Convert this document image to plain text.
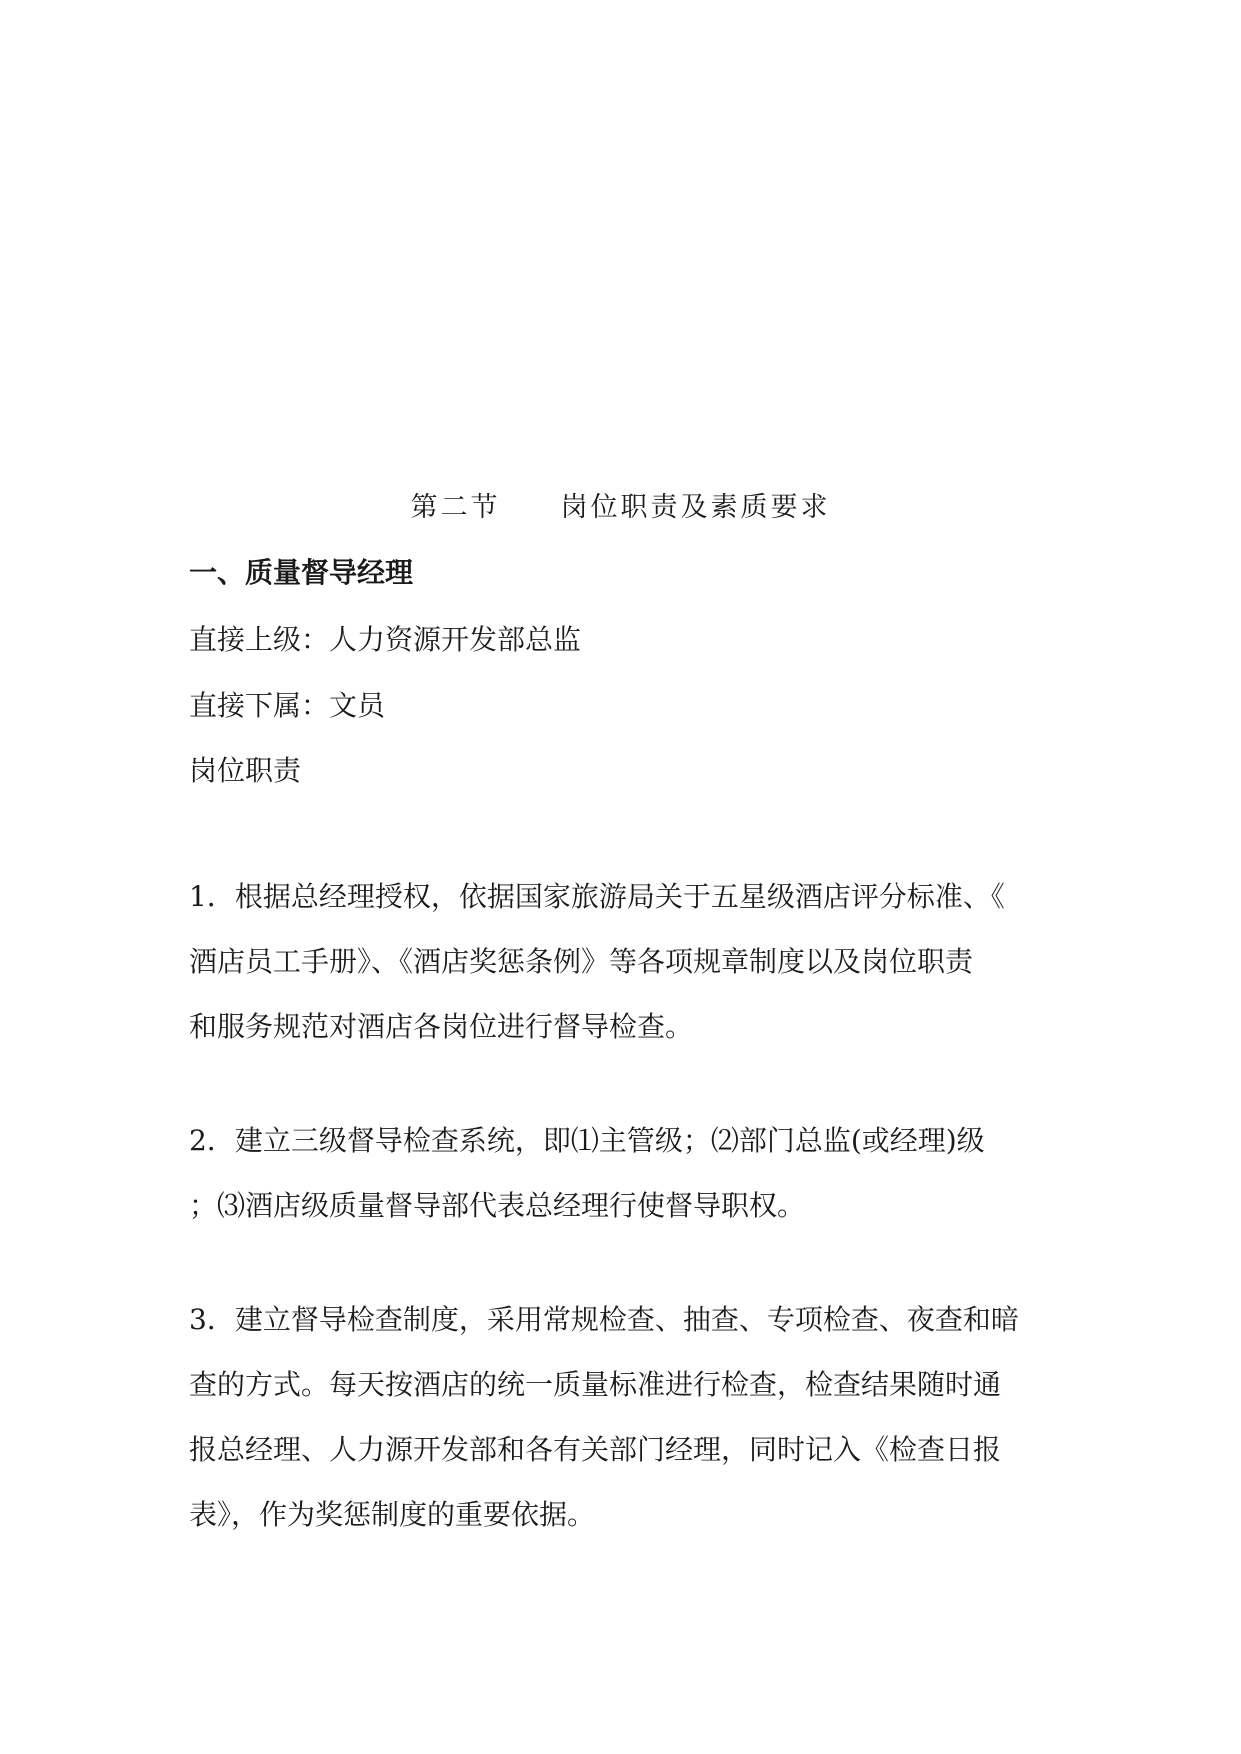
第二节　　岗位职责及素质要求
一、质量督导经理
直接上级：人力资源开发部总监
直接下属：文员
岗位职责
1．根据总经理授权，依据国家旅游局关于五星级酒店评分标准、《
酒店员工手册》、《酒店奖惩条例》等各项规章制度以及岗位职责
和服务规范对酒店各岗位进行督导检查。
2．建立三级督导检查系统，即⑴主管级；⑵部门总监(或经理)级
；⑶酒店级质量督导部代表总经理行使督导职权。
3．建立督导检查制度，采用常规检查、抽查、专项检查、夜查和暗
查的方式。每天按酒店的统一质量标准进行检查，检查结果随时通
报总经理、人力源开发部和各有关部门经理，同时记入《检查日报
表》，作为奖惩制度的重要依据。
